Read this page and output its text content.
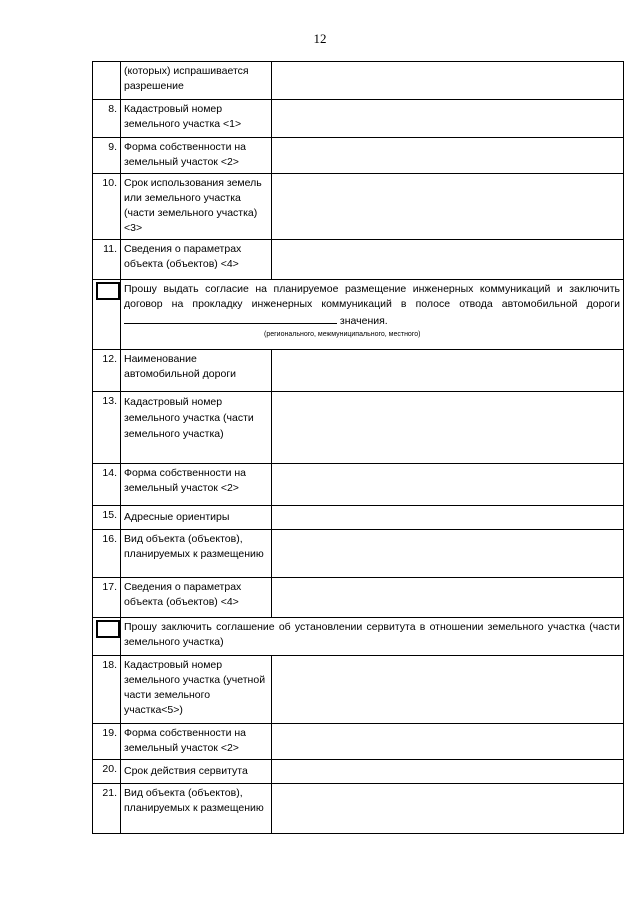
12
	(которых) испрашивается разрешение	
8.	Кадастровый номер земельного участка <1>	
9.	Форма собственности на земельный участок <2>	
10.	Срок использования земель или земельного участка (части земельного участка) <3>	
11.	Сведения о параметрах объекта (объектов) <4>	
	Прошу выдать согласие на планируемое размещение инженерных коммуникаций и заключить договор на прокладку инженерных коммуникаций в полосе отвода автомобильной дороги  значения.
(регионального, межмуниципального, местного)	

12.	Наименование автомобильной дороги	
13.	Кадастровый номер земельного участка (части земельного участка)	
14.	Форма собственности на земельный участок <2>	
15.	Адресные ориентиры	
16.	Вид объекта (объектов), планируемых к размещению	
17.	Сведения о параметрах объекта (объектов) <4>	
	Прошу заключить соглашение об установлении сервитута в отношении земельного участка (части земельного участка)	
18.	Кадастровый номер земельного участка (учетной части земельного участка<5>)	
19.	Форма собственности на земельный участок <2>	
20.	Срок действия сервитута	
21.	Вид объекта (объектов), планируемых к размещению	
